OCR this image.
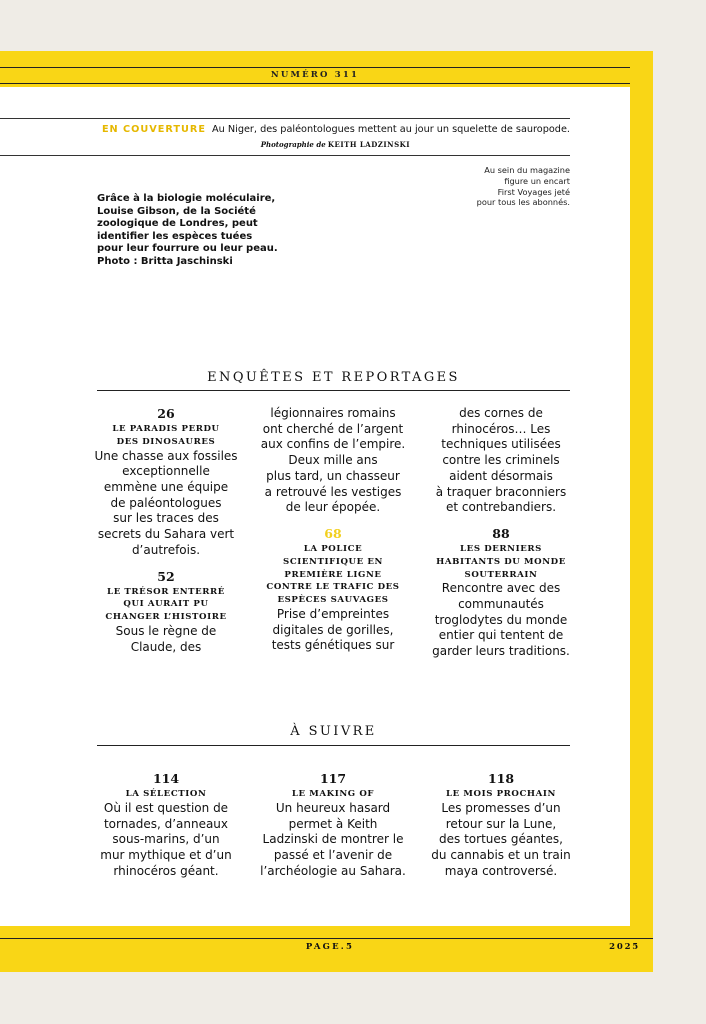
NUMÉRO 311
EN COUVERTURE Au Niger, des paléontologues mettent au jour un squelette de sauropode.
Photographie de KEITH LADZINSKI
Au sein du magazine
figure un encart
First Voyages jeté
pour tous les abonnés.
Grâce à la biologie moléculaire,
Louise Gibson, de la Société
zoologique de Londres, peut
identifier les espèces tuées
pour leur fourrure ou leur peau.
Photo : Britta Jaschinski
ENQUÊTES ET REPORTAGES
26
LE PARADIS PERDU
DES DINOSAURES
Une chasse aux fossiles
exceptionnelle
emmène une équipe
de paléontologues
sur les traces des
secrets du Sahara vert
d’autrefois.
52
LE TRÉSOR ENTERRÉ
QUI AURAIT PU
CHANGER L’HISTOIRE
Sous le règne de
Claude, des
légionnaires romains
ont cherché de l’argent
aux confins de l’empire.
Deux mille ans
plus tard, un chasseur
a retrouvé les vestiges
de leur épopée.
68
LA POLICE
SCIENTIFIQUE EN
PREMIÈRE LIGNE
CONTRE LE TRAFIC DES
ESPÈCES SAUVAGES
Prise d’empreintes
digitales de gorilles,
tests génétiques sur
des cornes de
rhinocéros… Les
techniques utilisées
contre les criminels
aident désormais
à traquer braconniers
et contrebandiers.
88
LES DERNIERS
HABITANTS DU MONDE
SOUTERRAIN
Rencontre avec des
communautés
troglodytes du monde
entier qui tentent de
garder leurs traditions.
À SUIVRE
114
LA SÉLECTION
Où il est question de
tornades, d’anneaux
sous-marins, d’un
mur mythique et d’un
rhinocéros géant.
117
LE MAKING OF
Un heureux hasard
permet à Keith
Ladzinski de montrer le
passé et l’avenir de
l’archéologie au Sahara.
118
LE MOIS PROCHAIN
Les promesses d’un
retour sur la Lune,
des tortues géantes,
du cannabis et un train
maya controversé.
PAGE.5	2025
